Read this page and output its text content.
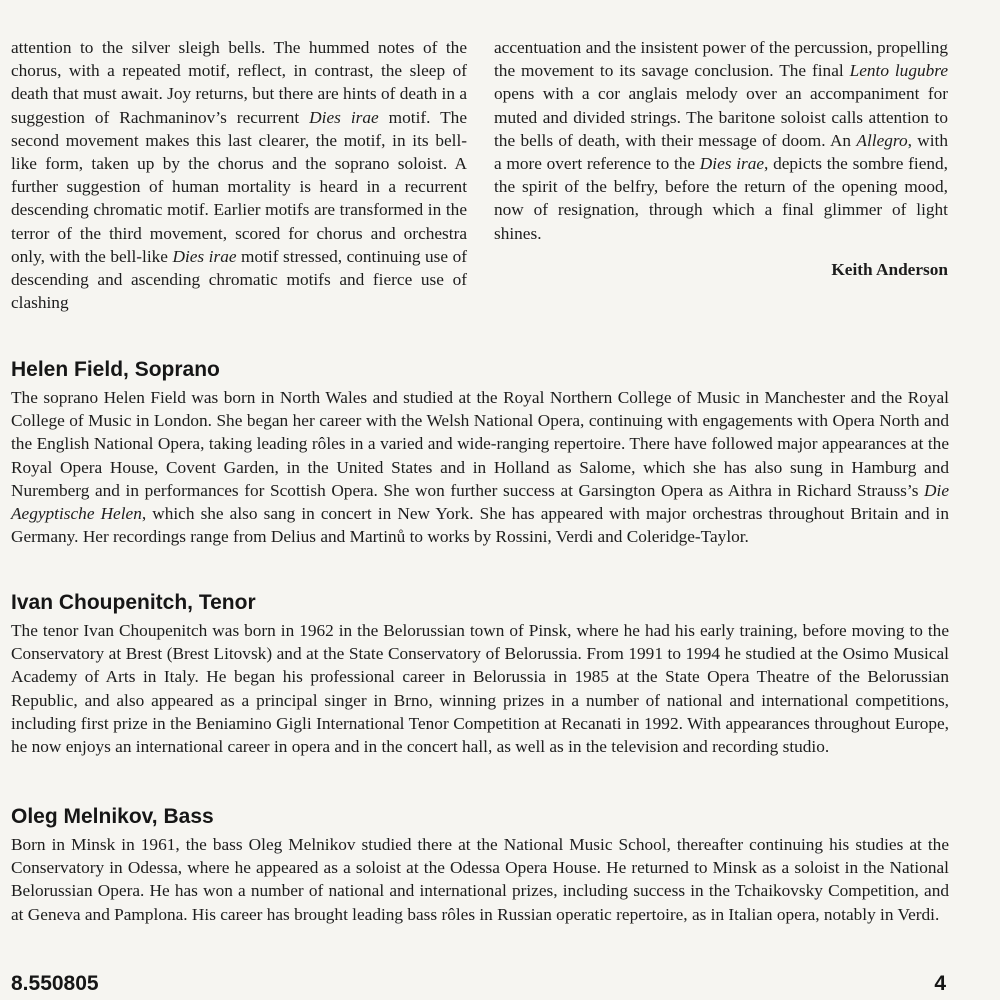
attention to the silver sleigh bells. The hummed notes of the chorus, with a repeated motif, reflect, in contrast, the sleep of death that must await. Joy returns, but there are hints of death in a suggestion of Rachmaninov’s recurrent Dies irae motif. The second movement makes this last clearer, the motif, in its bell-like form, taken up by the chorus and the soprano soloist. A further suggestion of human mortality is heard in a recurrent descending chromatic motif. Earlier motifs are transformed in the terror of the third movement, scored for chorus and orchestra only, with the bell-like Dies irae motif stressed, continuing use of descending and ascending chromatic motifs and fierce use of clashing

accentuation and the insistent power of the percussion, propelling the movement to its savage conclusion. The final Lento lugubre opens with a cor anglais melody over an accompaniment for muted and divided strings. The baritone soloist calls attention to the bells of death, with their message of doom. An Allegro, with a more overt reference to the Dies irae, depicts the sombre fiend, the spirit of the belfry, before the return of the opening mood, now of resignation, through which a final glimmer of light shines.

Keith Anderson

Helen Field, Soprano

The soprano Helen Field was born in North Wales and studied at the Royal Northern College of Music in Manchester and the Royal College of Music in London. She began her career with the Welsh National Opera, continuing with engagements with Opera North and the English National Opera, taking leading rôles in a varied and wide-ranging repertoire. There have followed major appearances at the Royal Opera House, Covent Garden, in the United States and in Holland as Salome, which she has also sung in Hamburg and Nuremberg and in performances for Scottish Opera. She won further success at Garsington Opera as Aithra in Richard Strauss’s Die Aegyptische Helen, which she also sang in concert in New York. She has appeared with major orchestras throughout Britain and in Germany. Her recordings range from Delius and Martinů to works by Rossini, Verdi and Coleridge-Taylor.

Ivan Choupenitch, Tenor

The tenor Ivan Choupenitch was born in 1962 in the Belorussian town of Pinsk, where he had his early training, before moving to the Conservatory at Brest (Brest Litovsk) and at the State Conservatory of Belorussia. From 1991 to 1994 he studied at the Osimo Musical Academy of Arts in Italy. He began his professional career in Belorussia in 1985 at the State Opera Theatre of the Belorussian Republic, and also appeared as a principal singer in Brno, winning prizes in a number of national and international competitions, including first prize in the Beniamino Gigli International Tenor Competition at Recanati in 1992. With appearances throughout Europe, he now enjoys an international career in opera and in the concert hall, as well as in the television and recording studio.

Oleg Melnikov, Bass

Born in Minsk in 1961, the bass Oleg Melnikov studied there at the National Music School, thereafter continuing his studies at the Conservatory in Odessa, where he appeared as a soloist at the Odessa Opera House. He returned to Minsk as a soloist in the National Belorussian Opera. He has won a number of national and international prizes, including success in the Tchaikovsky Competition, and at Geneva and Pamplona. His career has brought leading bass rôles in Russian operatic repertoire, as in Italian opera, notably in Verdi.

8.550805	4
